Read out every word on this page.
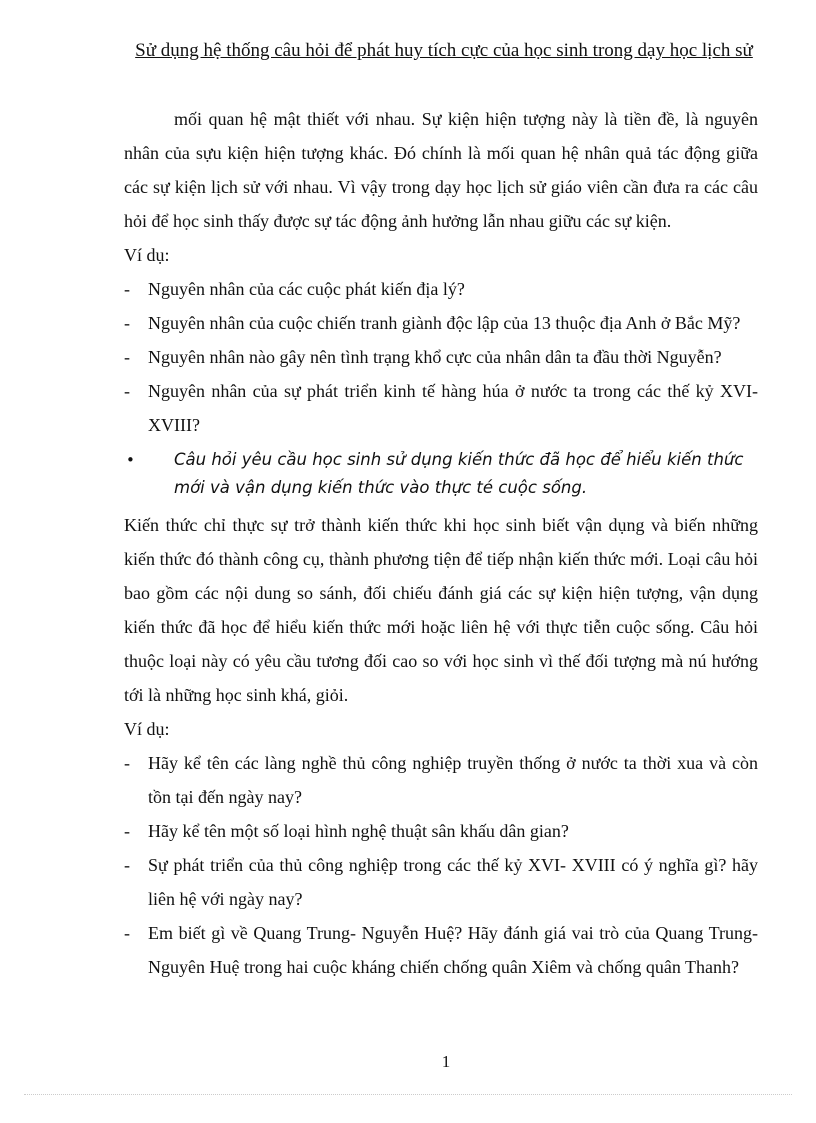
Sử dụng hệ thống câu hỏi để phát huy tích cực của học sinh trong dạy học lịch sử

mối quan hệ mật thiết với nhau. Sự kiện hiện tượng này là tiền đề, là nguyên nhân của sựu kiện hiện tượng khác. Đó chính là mối quan hệ nhân quả tác động giữa các sự kiện lịch sử với nhau. Vì vậy trong dạy học lịch sử giáo viên cần đưa ra các câu hỏi để học sinh thấy được sự tác động ảnh hưởng lẫn nhau giữu các sự kiện.

Ví dụ:

- Nguyên nhân của các cuộc phát kiến địa lý?

- Nguyên nhân của cuộc chiến tranh giành độc lập của 13 thuộc địa Anh ở Bắc Mỹ?

- Nguyên nhân nào gây nên tình trạng khổ cực của nhân dân ta đầu thời Nguyễn?

- Nguyên nhân của sự phát triển kinh tế hàng húa ở nước ta trong các thế kỷ XVI- XVIII?

• Câu hỏi yêu cầu học sinh sử dụng kiến thức đã học để hiểu kiến thức mới và vận dụng kiến thức vào thực té cuộc sống.

Kiến thức chỉ thực sự trở thành kiến thức khi học sinh biết vận dụng và biến những kiến thức đó thành công cụ, thành phương tiện để tiếp nhận kiến thức mới. Loại câu hỏi bao gồm các nội dung so sánh, đối chiếu đánh giá các sự kiện hiện tượng, vận dụng kiến thức đã học để hiểu kiến thức mới hoặc liên hệ với thực tiễn cuộc sống. Câu hỏi thuộc loại này có yêu cầu tương đối cao so với học sinh vì thế đối tượng mà nú hướng tới là những học sinh khá, giỏi.

Ví dụ:

- Hãy kể tên các làng nghề thủ công nghiệp truyền thống ở nước ta thời xua và còn tồn tại đến ngày nay?

- Hãy kể tên một số loại hình nghệ thuật sân khấu dân gian?

- Sự phát triển của thủ công nghiệp trong các thế kỷ XVI- XVIII có ý nghĩa gì? hãy liên hệ với ngày nay?

- Em biết gì về Quang Trung- Nguyễn Huệ? Hãy đánh giá vai trò của Quang Trung- Nguyên Huệ trong hai cuộc kháng chiến chống quân Xiêm và chống quân Thanh?

1
